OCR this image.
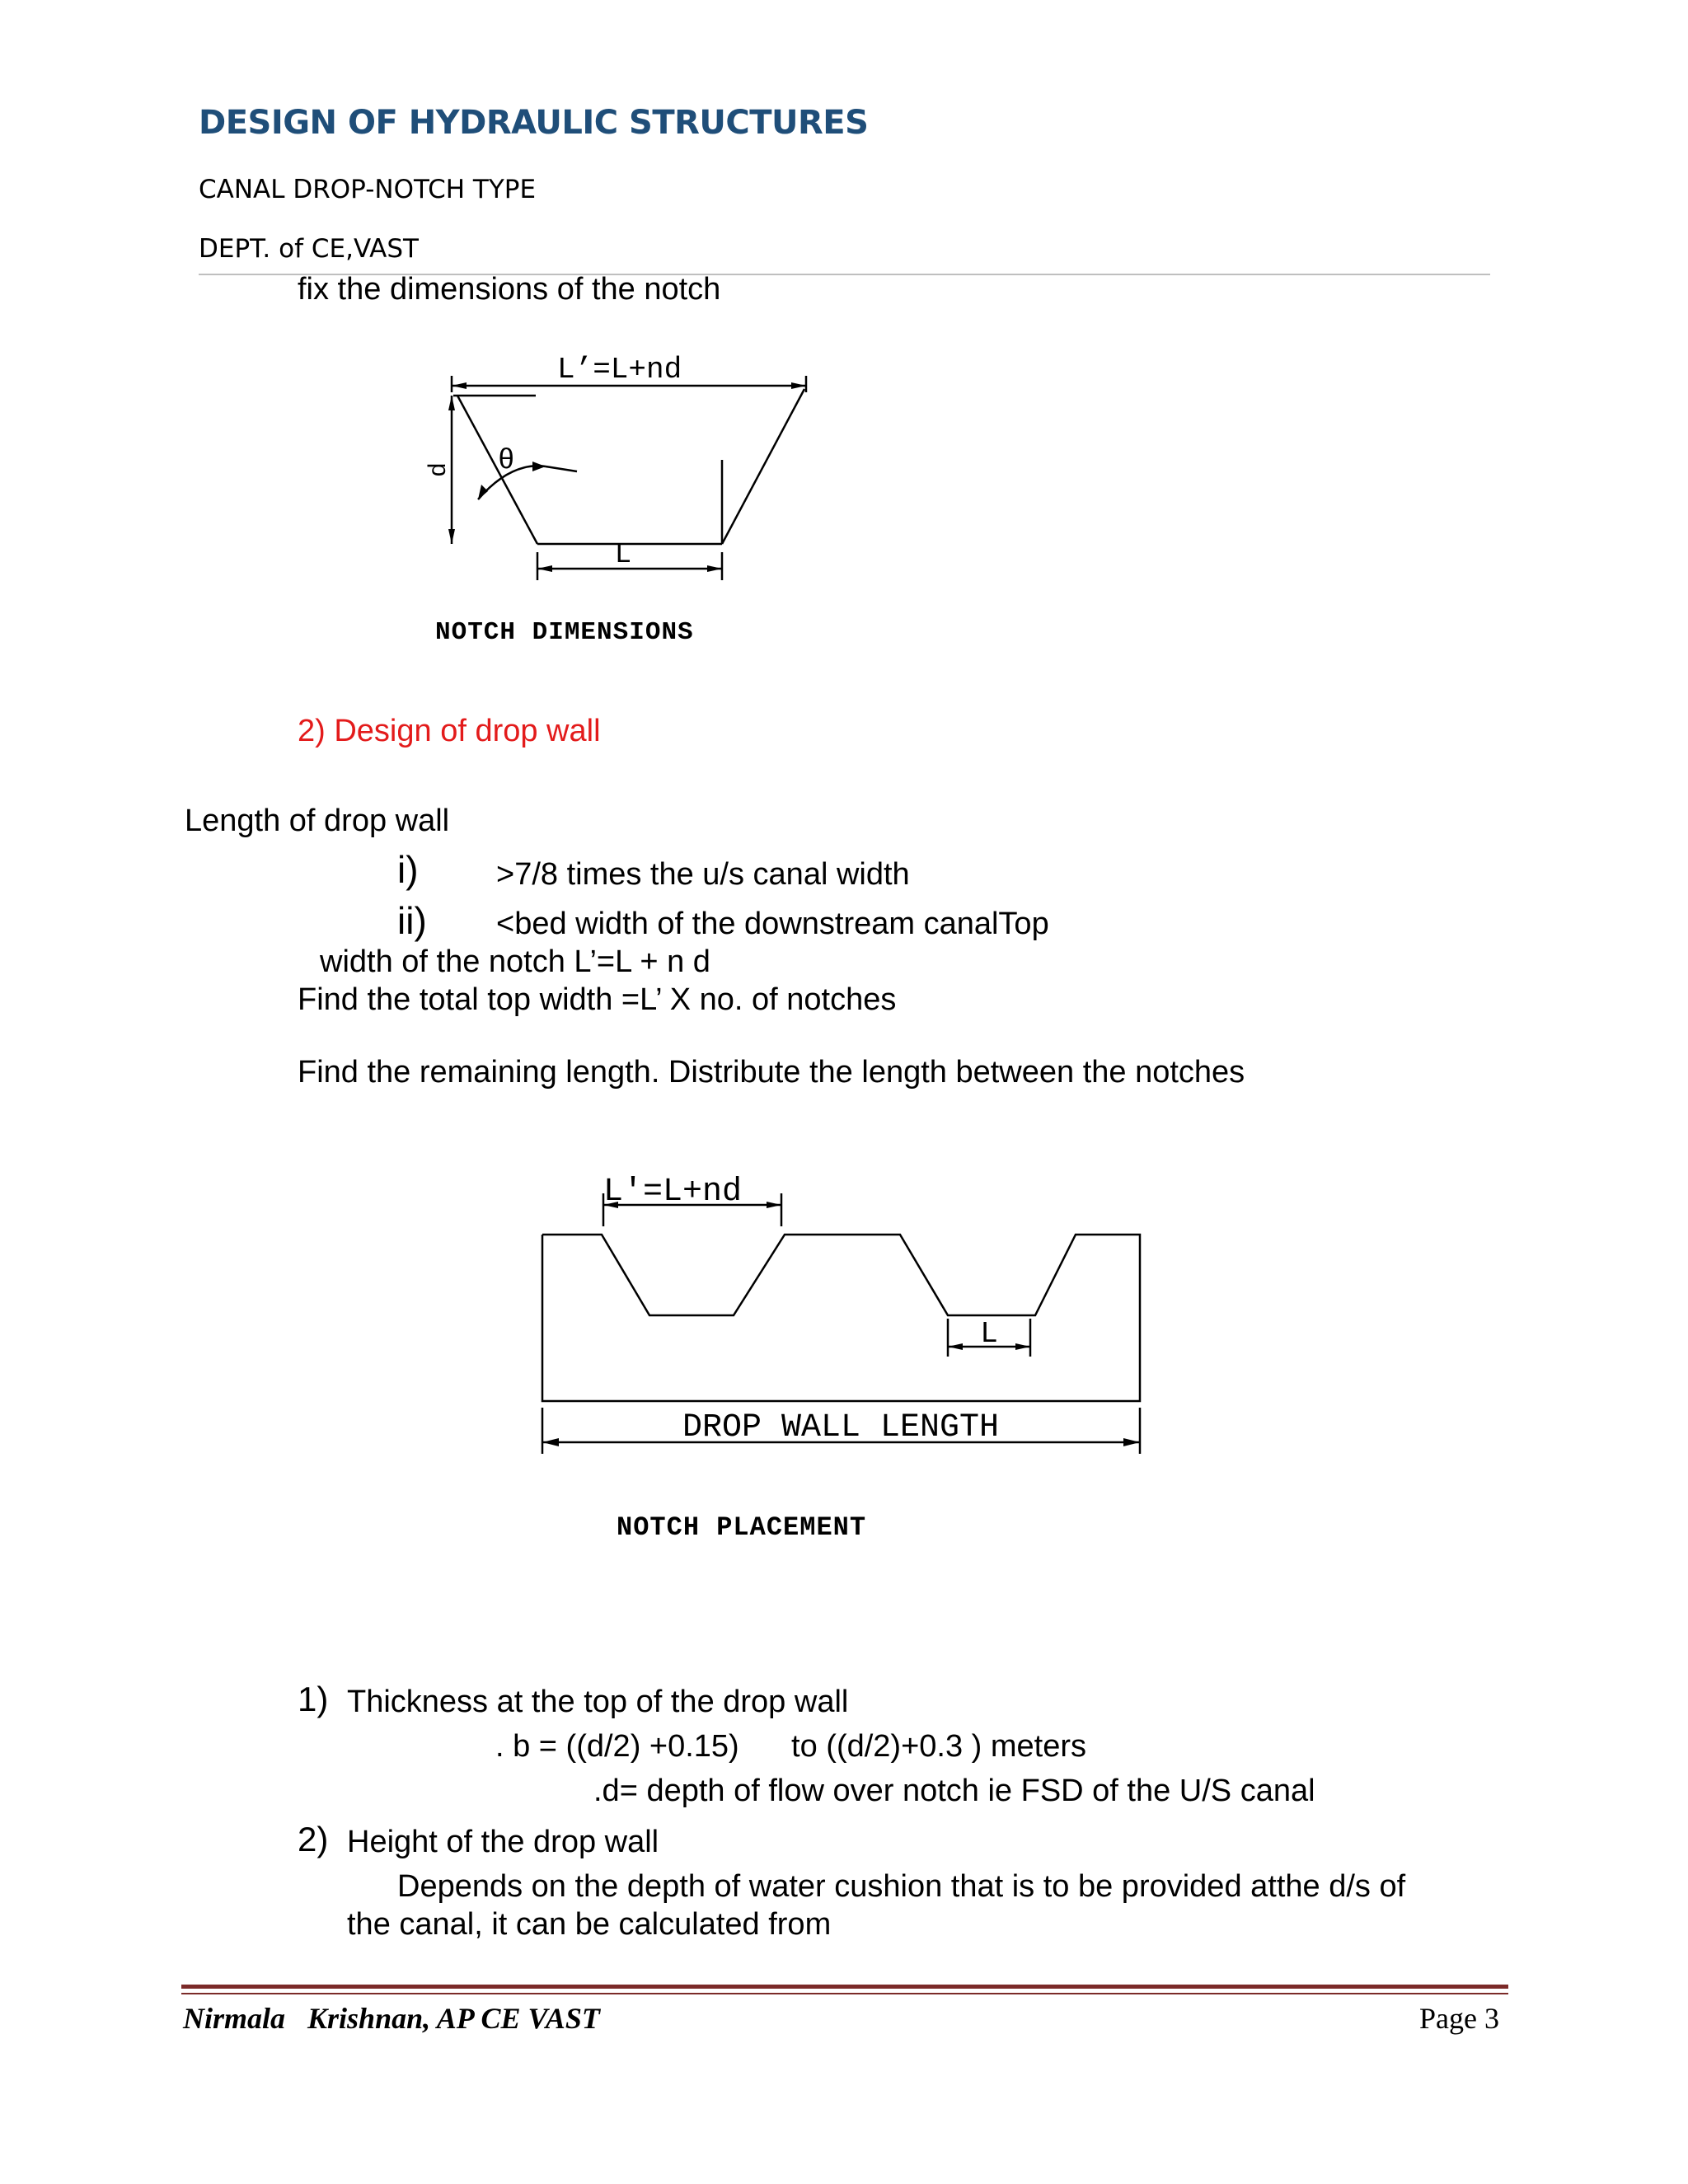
DESIGN OF HYDRAULIC STRUCTURES
CANAL DROP-NOTCH TYPE
DEPT. of CE,VAST
fix the dimensions of the notch
L’=L+nd
θ
d
L
NOTCH DIMENSIONS
2) Design of drop wall
Length of drop wall
i) >7/8 times the u/s canal width
ii) <bed width of the downstream canalTop
width of the notch L’=L + n d
Find the total top width =L’ X no. of notches
Find the remaining length. Distribute the length between the notches
L'=L+nd
L
DROP WALL LENGTH
NOTCH PLACEMENT
1) Thickness at the top of the drop wall
. b = ((d/2) +0.15)      to ((d/2)+0.3 ) meters
.d= depth of flow over notch ie FSD of the U/S canal
2) Height of the drop wall
Depends on the depth of water cushion that is to be provided atthe d/s of
the canal, it can be calculated from
Nirmala   Krishnan, AP CE VAST	Page 3
